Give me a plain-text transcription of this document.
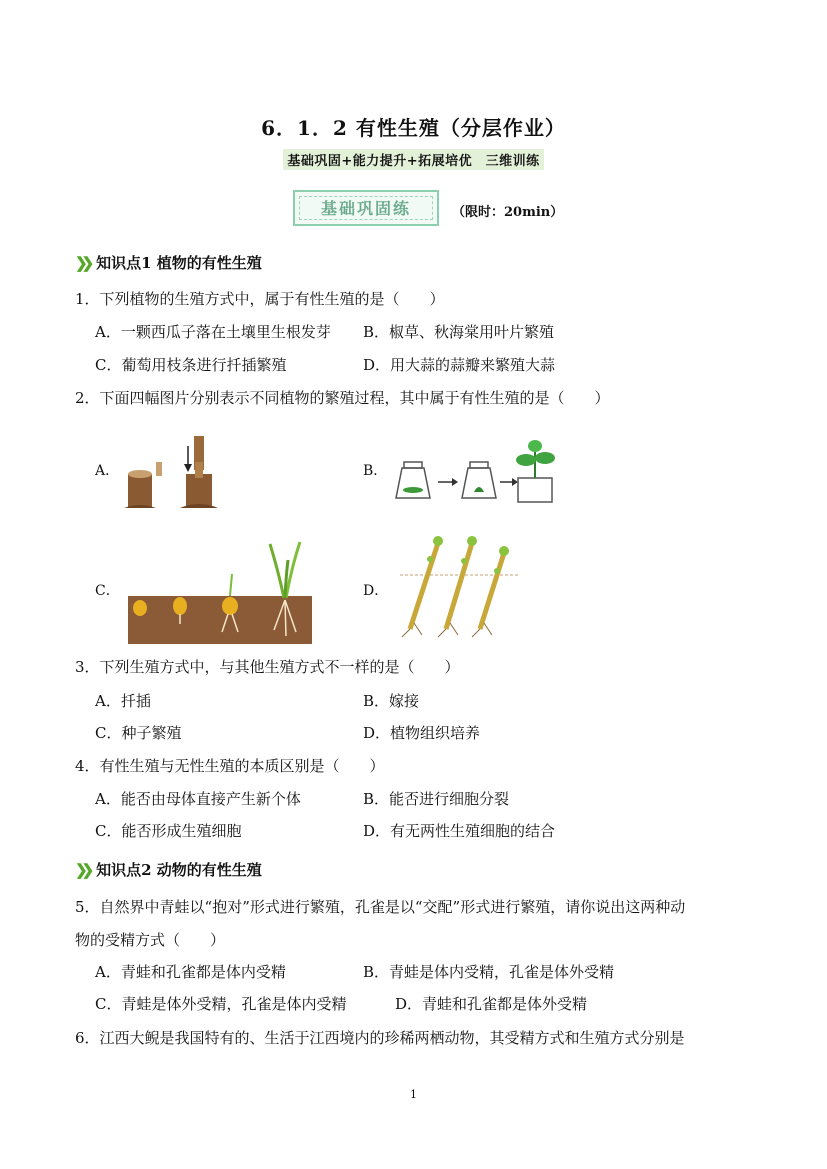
6．1．2 有性生殖（分层作业）
基础巩固+能力提升+拓展培优　三维训练
基础巩固练	（限时：20min）
❯❯ 知识点1 植物的有性生殖
1．下列植物的生殖方式中，属于有性生殖的是（　　）
A．一颗西瓜子落在土壤里生根发芽 B．椒草、秋海棠用叶片繁殖
C．葡萄用枝条进行扦插繁殖	D．用大蒜的蒜瓣来繁殖大蒜
2．下面四幅图片分别表示不同植物的繁殖过程，其中属于有性生殖的是（　　）
A．	B．
C．	D．
3．下列生殖方式中，与其他生殖方式不一样的是（　　）
A．扦插	B．嫁接
C．种子繁殖	D．植物组织培养
4．有性生殖与无性生殖的本质区别是（　　）
A．能否由母体直接产生新个体	B．能否进行细胞分裂
C．能否形成生殖细胞	D．有无两性生殖细胞的结合
❯❯ 知识点2 动物的有性生殖
5．自然界中青蛙以“抱对”形式进行繁殖，孔雀是以“交配”形式进行繁殖，请你说出这两种动
物的受精方式（　　）
A．青蛙和孔雀都是体内受精	B．青蛙是体内受精，孔雀是体外受精
C．青蛙是体外受精，孔雀是体内受精	D．青蛙和孔雀都是体外受精
6．江西大鲵是我国特有的、生活于江西境内的珍稀两栖动物，其受精方式和生殖方式分别是
1
